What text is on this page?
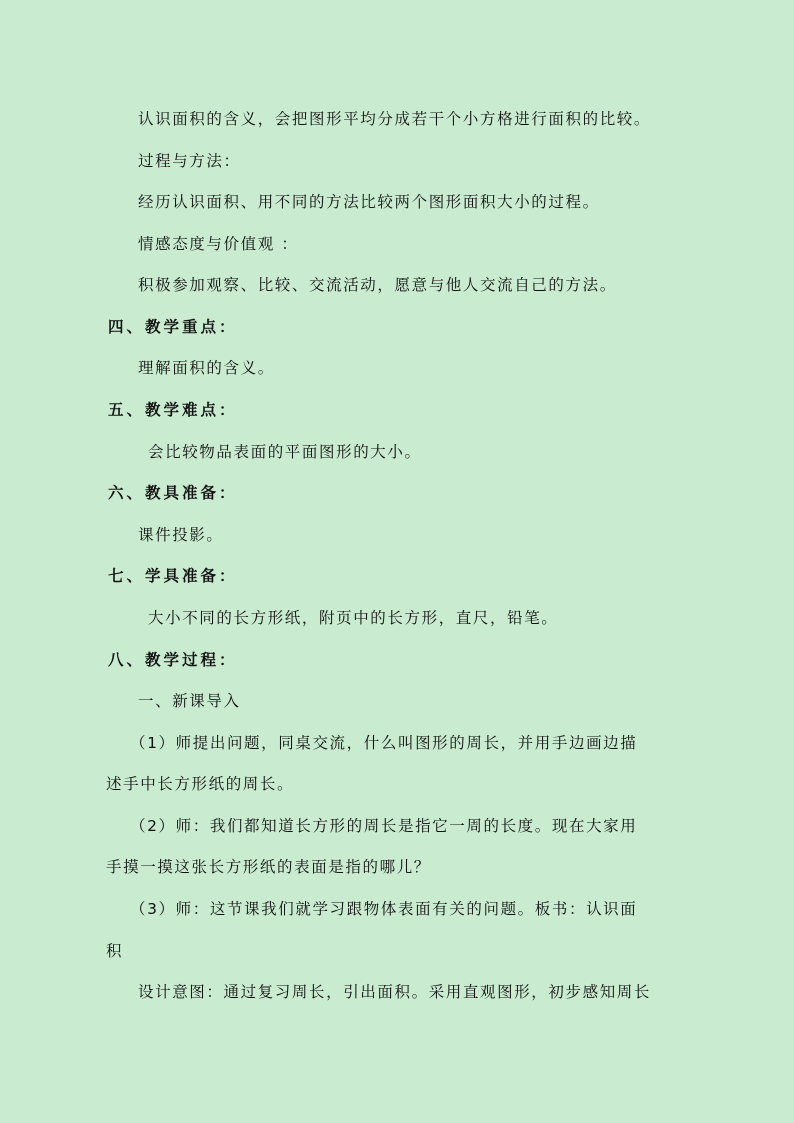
认识面积的含义，会把图形平均分成若干个小方格进行面积的比较。
过程与方法：
经历认识面积、用不同的方法比较两个图形面积大小的过程。
情感态度与价值观 ：
积极参加观察、比较、交流活动，愿意与他人交流自己的方法。
四、教学重点：
理解面积的含义。
五、教学难点：
会比较物品表面的平面图形的大小。
六、教具准备：
课件投影。
七、学具准备：
大小不同的长方形纸，附页中的长方形，直尺，铅笔。
八、教学过程：
一、新课导入
（1）师提出问题，同桌交流，什么叫图形的周长，并用手边画边描
述手中长方形纸的周长。
（2）师：我们都知道长方形的周长是指它一周的长度。现在大家用
手摸一摸这张长方形纸的表面是指的哪儿？
（3）师：这节课我们就学习跟物体表面有关的问题。板书：认识面
积
设计意图：通过复习周长，引出面积。采用直观图形，初步感知周长
